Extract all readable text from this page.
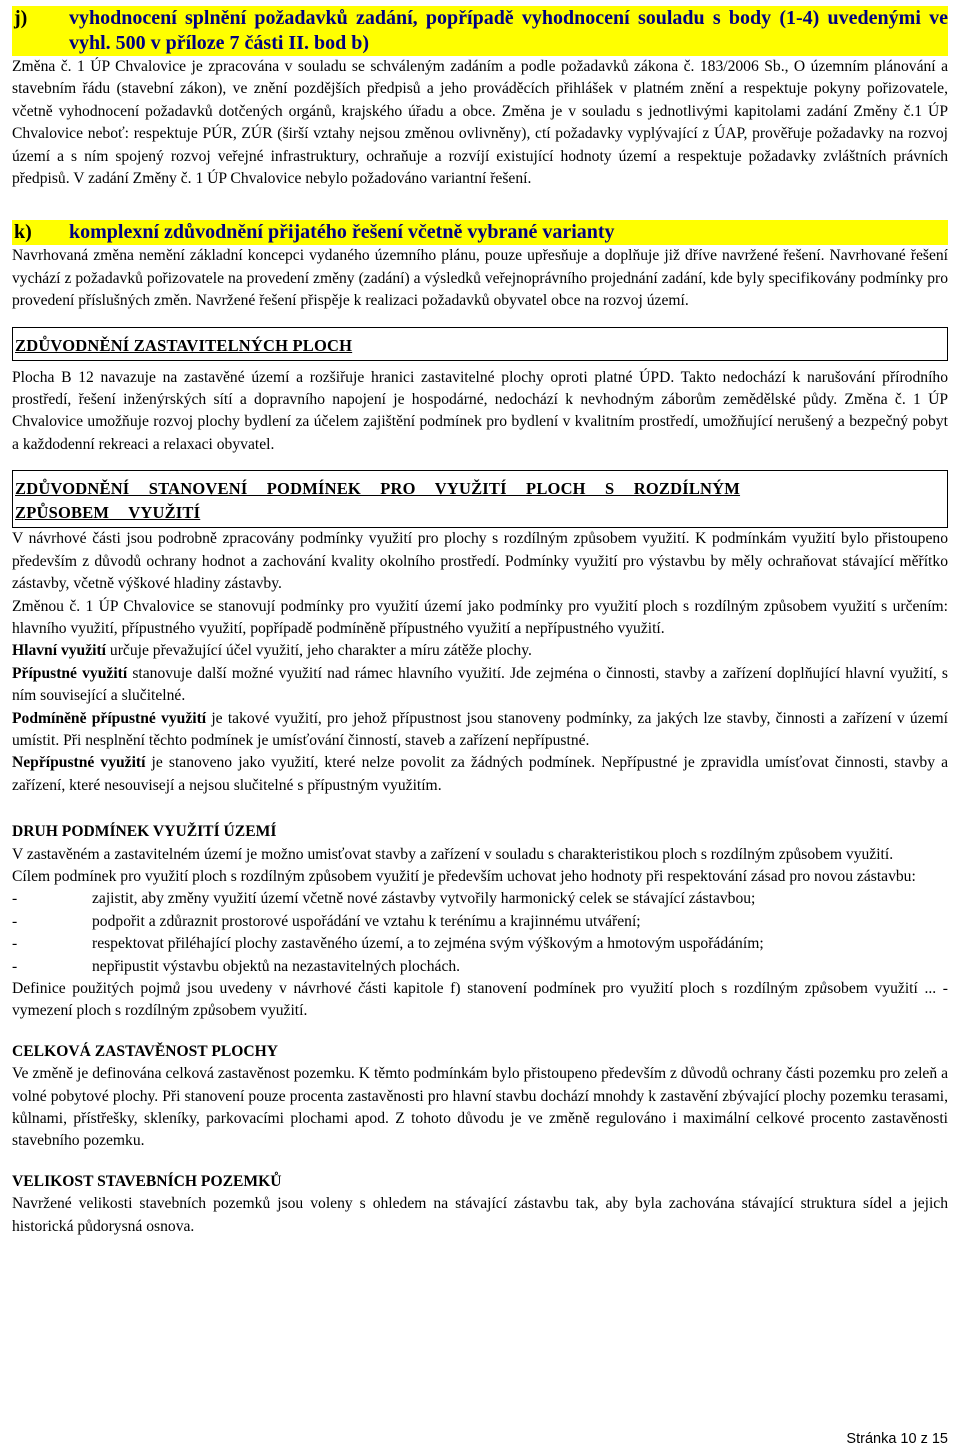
j)	vyhodnocení splnění požadavků zadání, popřípadě vyhodnocení souladu s body (1-4) uvedenými ve vyhl. 500 v příloze 7 části II. bod b)

Změna č. 1 ÚP Chvalovice je zpracována v souladu se schváleným zadáním a podle požadavků zákona č. 183/2006 Sb., O územním plánování a stavebním řádu (stavební zákon), ve znění pozdějších předpisů a jeho prováděcích přihlášek v platném znění a respektuje pokyny pořizovatele, včetně vyhodnocení požadavků dotčených orgánů, krajského úřadu a obce. Změna je v souladu s jednotlivými kapitolami zadání Změny č.1 ÚP Chvalovice neboť: respektuje PÚR, ZÚR (širší vztahy nejsou změnou ovlivněny), ctí požadavky vyplývající z ÚAP, prověřuje požadavky na rozvoj území a s ním spojený rozvoj veřejné infrastruktury, ochraňuje a rozvíjí existující hodnoty území a respektuje požadavky zvláštních právních předpisů. V zadání Změny č. 1 ÚP Chvalovice nebylo požadováno variantní řešení.

k)	komplexní zdůvodnění přijatého řešení včetně vybrané varianty

Navrhovaná změna nemění základní koncepci vydaného územního plánu, pouze upřesňuje a doplňuje již dříve navržené řešení. Navrhované řešení vychází z požadavků pořizovatele na provedení změny (zadání) a výsledků veřejnoprávního projednání zadání, kde byly specifikovány podmínky pro provedení příslušných změn. Navržené řešení přispěje k realizaci požadavků obyvatel obce na rozvoj území.

ZDŮVODNĚNÍ ZASTAVITELNÝCH PLOCH

Plocha B 12 navazuje na zastavěné území a rozšiřuje hranici zastavitelné plochy oproti platné ÚPD. Takto nedochází k narušování přírodního prostředí, řešení inženýrských sítí a dopravního napojení je hospodárné, nedochází k nevhodným záborům zemědělské půdy. Změna č. 1 ÚP Chvalovice umožňuje rozvoj plochy bydlení za účelem zajištění podmínek pro bydlení v kvalitním prostředí, umožňující nerušený a bezpečný pobyt a každodenní rekreaci a relaxaci obyvatel.

ZDŮVODNĚNÍ STANOVENÍ PODMÍNEK PRO VYUŽITÍ PLOCH S ROZDÍLNÝM
ZPŮSOBEM VYUŽITÍ

V návrhové části jsou podrobně zpracovány podmínky využití pro plochy s rozdílným způsobem využití. K podmínkám využití bylo přistoupeno především z důvodů ochrany hodnot a zachování kvality okolního prostředí. Podmínky využití pro výstavbu by měly ochraňovat stávající měřítko zástavby, včetně výškové hladiny zástavby.

Změnou č. 1 ÚP Chvalovice se stanovují podmínky pro využití území jako podmínky pro využití ploch s rozdílným způsobem využití s určením: hlavního využití, přípustného využití, popřípadě podmíněně přípustného využití a nepřípustného využití.

Hlavní využití určuje převažující účel využití, jeho charakter a míru zátěže plochy.

Přípustné využití stanovuje další možné využití nad rámec hlavního využití. Jde zejména o činnosti, stavby a zařízení doplňující hlavní využití, s ním související a slučitelné.

Podmíněně přípustné využití je takové využití, pro jehož přípustnost jsou stanoveny podmínky, za jakých lze stavby, činnosti a zařízení v území umístit. Při nesplnění těchto podmínek je umísťování činností, staveb a zařízení nepřípustné.

Nepřípustné využití je stanoveno jako využití, které nelze povolit za žádných podmínek. Nepřípustné je zpravidla umísťovat činnosti, stavby a zařízení, které nesouvisejí a nejsou slučitelné s přípustným využitím.

DRUH PODMÍNEK VYUŽITÍ ÚZEMÍ

V zastavěném a zastavitelném území je možno umisťovat stavby a zařízení v souladu s charakteristikou ploch s rozdílným způsobem využití.

Cílem podmínek pro využití ploch s rozdílným způsobem využití je především uchovat jeho hodnoty při respektování zásad pro novou zástavbu:

-	zajistit, aby změny využití území včetně nové zástavby vytvořily harmonický celek se stávající zástavbou;
-	podpořit a zdůraznit prostorové uspořádání ve vztahu k terénímu a krajinnému utváření;
-	respektovat přiléhající plochy zastavěného území, a to zejména svým výškovým a hmotovým uspořádáním;
-	nepřipustit výstavbu objektů na nezastavitelných plochách.

Definice použitých pojmů jsou uvedeny v návrhové části kapitole f) stanovení podmínek pro využití ploch s rozdílným způsobem využití ... - vymezení ploch s rozdílným způsobem využití.

CELKOVÁ ZASTAVĚNOST PLOCHY

Ve změně je definována celková zastavěnost pozemku. K těmto podmínkám bylo přistoupeno především z důvodů ochrany části pozemku pro zeleň a volné pobytové plochy. Při stanovení pouze procenta zastavěnosti pro hlavní stavbu dochází mnohdy k zastavění zbývající plochy pozemku terasami, kůlnami, přístřešky, skleníky, parkovacími plochami apod. Z tohoto důvodu je ve změně regulováno i maximální celkové procento zastavěnosti stavebního pozemku.

VELIKOST STAVEBNÍCH POZEMKŮ

Navržené velikosti stavebních pozemků jsou voleny s ohledem na stávající zástavbu tak, aby byla zachována stávající struktura sídel a jejich historická půdorysná osnova.

Stránka 10 z 15
